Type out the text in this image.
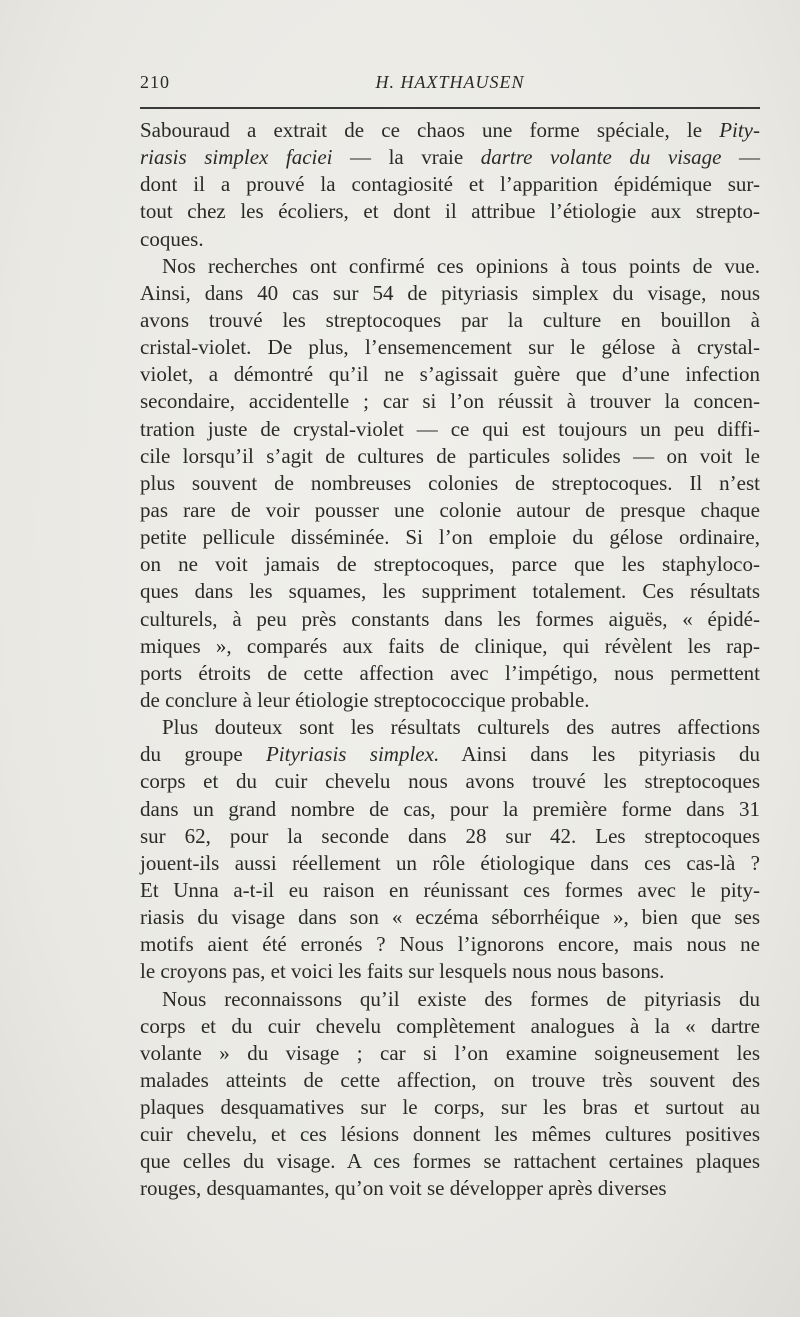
210	H. HAXTHAUSEN
Sabouraud a extrait de ce chaos une forme spéciale, le Pity-
riasis simplex faciei — la vraie dartre volante du visage —
dont il a prouvé la contagiosité et l’apparition épidémique sur-
tout chez les écoliers, et dont il attribue l’étiologie aux strepto-
coques.
Nos recherches ont confirmé ces opinions à tous points de vue.
Ainsi, dans 40 cas sur 54 de pityriasis simplex du visage, nous
avons trouvé les streptocoques par la culture en bouillon à
cristal-violet. De plus, l’ensemencement sur le gélose à crystal-
violet, a démontré qu’il ne s’agissait guère que d’une infection
secondaire, accidentelle ; car si l’on réussit à trouver la concen-
tration juste de crystal-violet — ce qui est toujours un peu diffi-
cile lorsqu’il s’agit de cultures de particules solides — on voit le
plus souvent de nombreuses colonies de streptocoques. Il n’est
pas rare de voir pousser une colonie autour de presque chaque
petite pellicule disséminée. Si l’on emploie du gélose ordinaire,
on ne voit jamais de streptocoques, parce que les staphyloco-
ques dans les squames, les suppriment totalement. Ces résultats
culturels, à peu près constants dans les formes aiguës, « épidé-
miques », comparés aux faits de clinique, qui révèlent les rap-
ports étroits de cette affection avec l’impétigo, nous permettent
de conclure à leur étiologie streptococcique probable.
Plus douteux sont les résultats culturels des autres affections
du groupe Pityriasis simplex. Ainsi dans les pityriasis du
corps et du cuir chevelu nous avons trouvé les streptocoques
dans un grand nombre de cas, pour la première forme dans 31
sur 62, pour la seconde dans 28 sur 42. Les streptocoques
jouent-ils aussi réellement un rôle étiologique dans ces cas-là ?
Et Unna a-t-il eu raison en réunissant ces formes avec le pity-
riasis du visage dans son « eczéma séborrhéique », bien que ses
motifs aient été erronés ? Nous l’ignorons encore, mais nous ne
le croyons pas, et voici les faits sur lesquels nous nous basons.
Nous reconnaissons qu’il existe des formes de pityriasis du
corps et du cuir chevelu complètement analogues à la « dartre
volante » du visage ; car si l’on examine soigneusement les
malades atteints de cette affection, on trouve très souvent des
plaques desquamatives sur le corps, sur les bras et surtout au
cuir chevelu, et ces lésions donnent les mêmes cultures positives
que celles du visage. A ces formes se rattachent certaines plaques
rouges, desquamantes, qu’on voit se développer après diverses
